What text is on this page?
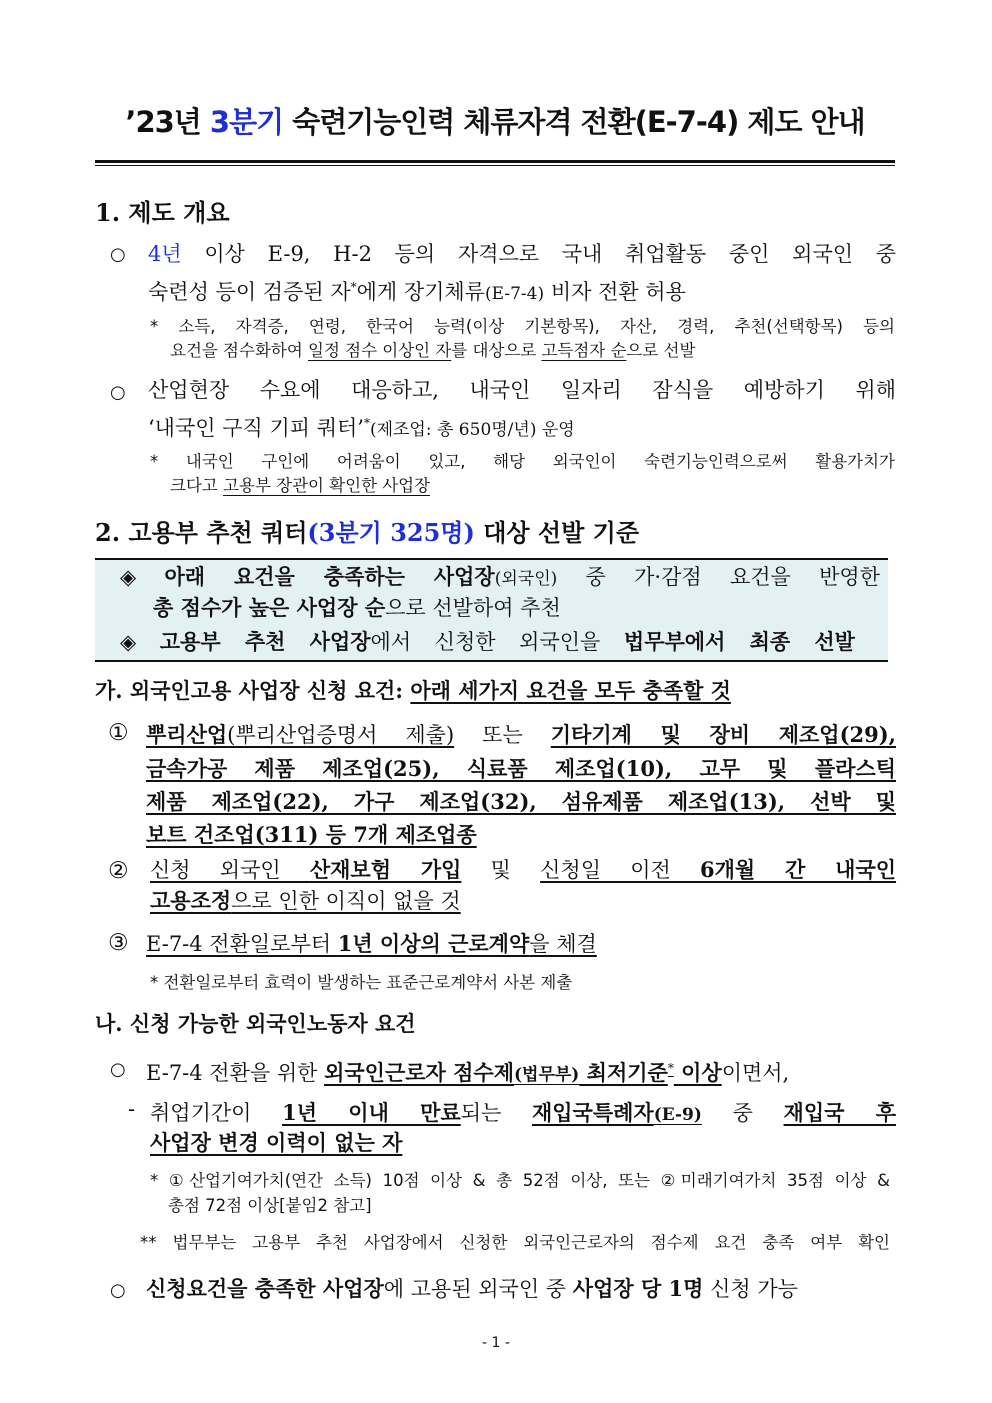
’23년 3분기 숙련기능인력 체류자격 전환(E-7-4) 제도 안내
1. 제도 개요
○ 4년 이상 E-9, H-2 등의 자격으로 국내 취업활동 중인 외국인 중
숙련성 등이 검증된 자*에게 장기체류(E-7-4) 비자 전환 허용
* 소득, 자격증, 연령, 한국어 능력(이상 기본항목), 자산, 경력, 추천(선택항목) 등의
요건을 점수화하여 일정 점수 이상인 자를 대상으로 고득점자 순으로 선발
○ 산업현장 수요에 대응하고, 내국인 일자리 잠식을 예방하기 위해
‘내국인 구직 기피 쿼터’*(제조업: 총 650명/년) 운영
* 내국인 구인에 어려움이 있고, 해당 외국인이 숙련기능인력으로써 활용가치가
크다고 고용부 장관이 확인한 사업장
2. 고용부 추천 쿼터(3분기 325명) 대상 선발 기준
◈ 아래 요건을 충족하는 사업장(외국인) 중 가·감점 요건을 반영한
총 점수가 높은 사업장 순으로 선발하여 추천
◈ 고용부 추천 사업장에서 신청한 외국인을 법무부에서 최종 선발
가. 외국인고용 사업장 신청 요건: 아래 세가지 요건을 모두 충족할 것
① 뿌리산업(뿌리산업증명서 제출) 또는 기타기계 및 장비 제조업(29),
금속가공 제품 제조업(25), 식료품 제조업(10), 고무 및 플라스틱
제품 제조업(22), 가구 제조업(32), 섬유제품 제조업(13), 선박 및
보트 건조업(311) 등 7개 제조업종
② 신청 외국인 산재보험 가입 및 신청일 이전 6개월 간 내국인
고용조정으로 인한 이직이 없을 것
③ E-7-4 전환일로부터 1년 이상의 근로계약을 체결
* 전환일로부터 효력이 발생하는 표준근로계약서 사본 제출
나. 신청 가능한 외국인노동자 요건
○ E-7-4 전환을 위한 외국인근로자 점수제(법무부) 최저기준* 이상이면서,
- 취업기간이 1년 이내 만료되는 재입국특례자(E-9) 중 재입국 후
사업장 변경 이력이 없는 자
* ①산업기여가치(연간 소득) 10점 이상 & 총 52점 이상, 또는 ②미래기여가치 35점 이상 &
총점 72점 이상[붙임2 참고]
** 법무부는 고용부 추천 사업장에서 신청한 외국인근로자의 점수제 요건 충족 여부 확인
○ 신청요건을 충족한 사업장에 고용된 외국인 중 사업장 당 1명 신청 가능
- 1 -
